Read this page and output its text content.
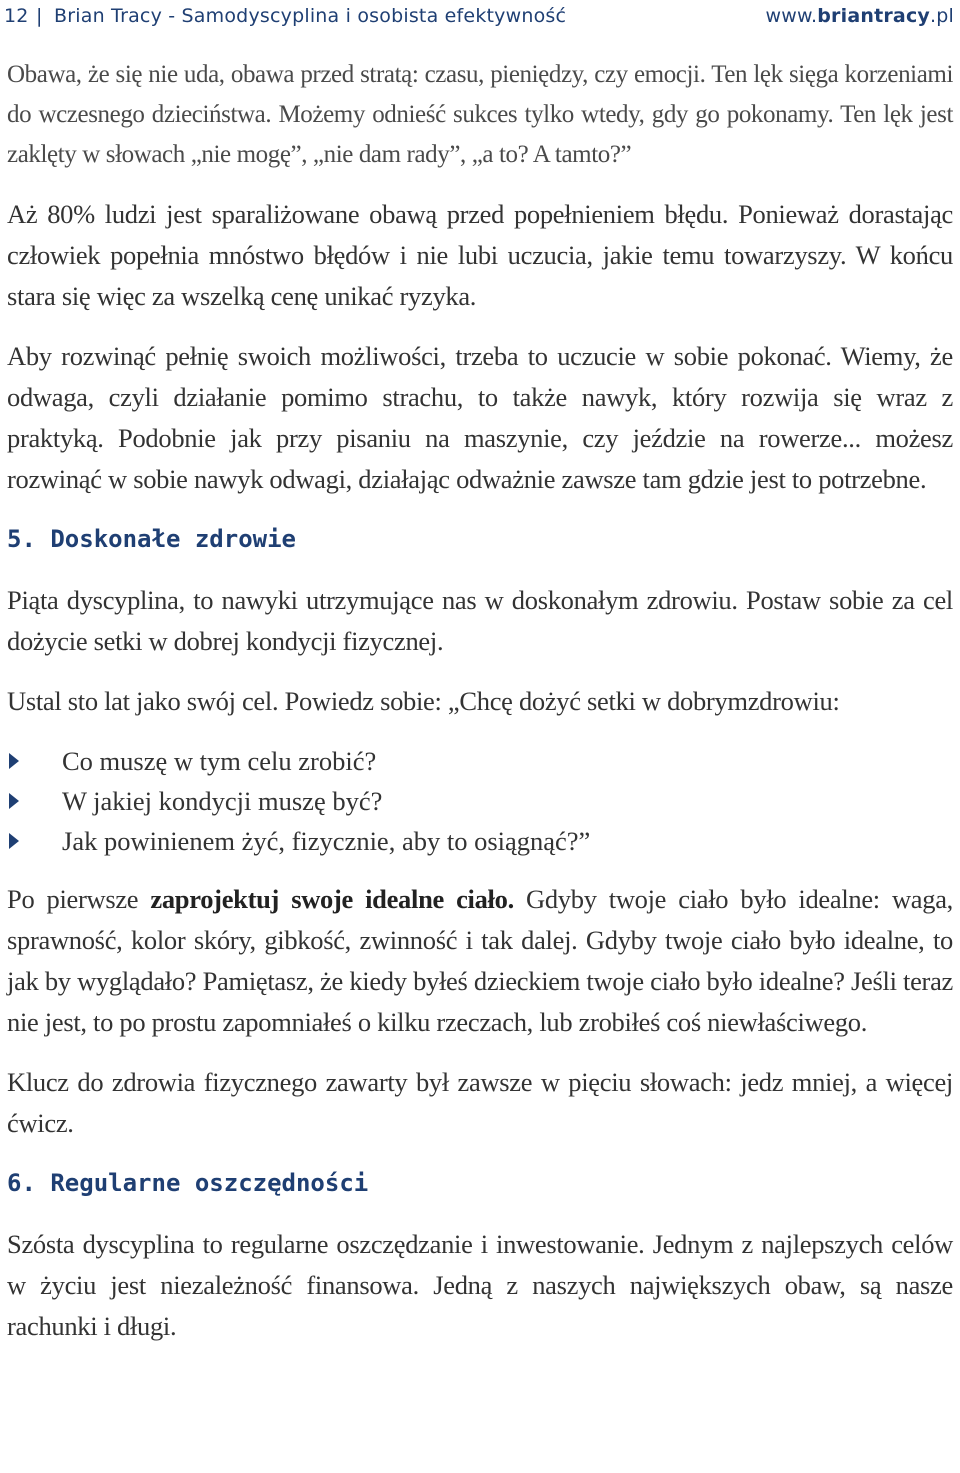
12 | Brian Tracy - Samodyscyplina i osobista efektywność	www.briantracy.pl

Obawa, że się nie uda, obawa przed stratą: czasu, pieniędzy, czy emocji. Ten lęk sięga korzeniami do wczesnego dzieciństwa. Możemy odnieść sukces tylko wtedy, gdy go pokonamy. Ten lęk jest zaklęty w słowach „nie mogę”, „nie dam rady”, „a to? A tamto?”

Aż 80% ludzi jest sparaliżowane obawą przed popełnieniem błędu. Ponieważ dorastając człowiek popełnia mnóstwo błędów i nie lubi uczucia, jakie temu towarzyszy. W końcu stara się więc za wszelką cenę unikać ryzyka.

Aby rozwinąć pełnię swoich możliwości, trzeba to uczucie w sobie pokonać. Wiemy, że odwaga, czyli działanie pomimo strachu, to także nawyk, który rozwija się wraz z praktyką. Podobnie jak przy pisaniu na maszynie, czy jeździe na rowerze... możesz rozwinąć w sobie nawyk odwagi, działając odważnie zawsze tam gdzie jest to potrzebne.

5. Doskonałe zdrowie

Piąta dyscyplina, to nawyki utrzymujące nas w doskonałym zdrowiu. Postaw sobie za cel dożycie setki w dobrej kondycji fizycznej.

Ustal sto lat jako swój cel. Powiedz sobie: „Chcę dożyć setki w dobrymzdrowiu:

Co muszę w tym celu zrobić?
W jakiej kondycji muszę być?
Jak powinienem żyć, fizycznie, aby to osiągnąć?”

Po pierwsze zaprojektuj swoje idealne ciało. Gdyby twoje ciało było idealne: waga, sprawność, kolor skóry, gibkość, zwinność i tak dalej. Gdyby twoje ciało było idealne, to jak by wyglądało? Pamiętasz, że kiedy byłeś dzieckiem twoje ciało było idealne? Jeśli teraz nie jest, to po prostu zapomniałeś o kilku rzeczach, lub zrobiłeś coś niewłaściwego.

Klucz do zdrowia fizycznego zawarty był zawsze w pięciu słowach: jedz mniej, a więcej ćwicz.

6. Regularne oszczędności

Szósta dyscyplina to regularne oszczędzanie i inwestowanie. Jednym z najlepszych celów w życiu jest niezależność finansowa. Jedną z naszych największych obaw, są nasze rachunki i długi.
